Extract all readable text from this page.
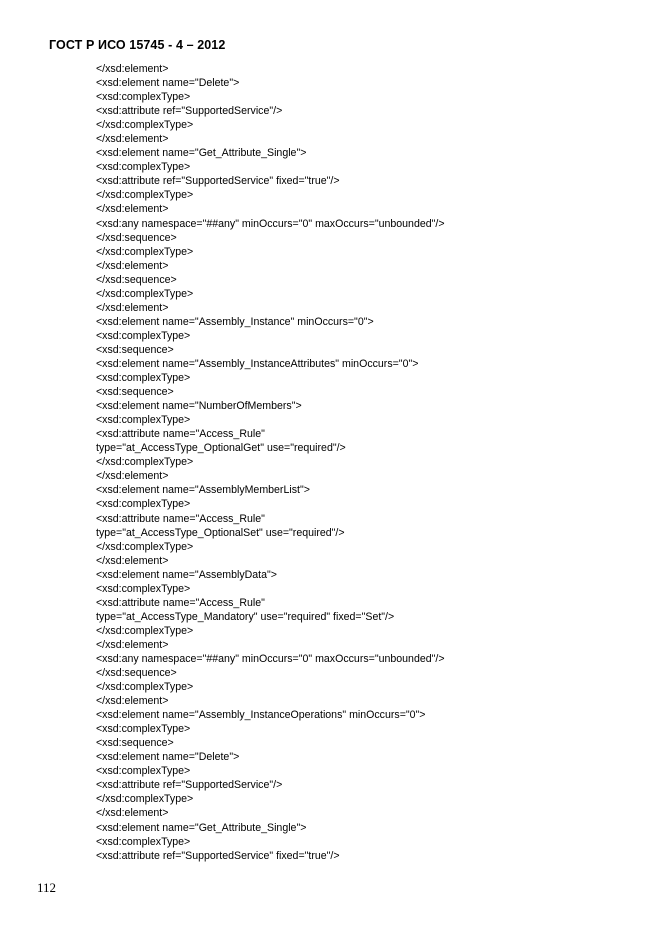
ГОСТ Р ИСО 15745 - 4 – 2012
</xsd:element>
<xsd:element name="Delete">
<xsd:complexType>
<xsd:attribute ref="SupportedService"/>
</xsd:complexType>
</xsd:element>
<xsd:element name="Get_Attribute_Single">
<xsd:complexType>
<xsd:attribute ref="SupportedService" fixed="true"/>
</xsd:complexType>
</xsd:element>
<xsd:any namespace="##any" minOccurs="0" maxOccurs="unbounded"/>
</xsd:sequence>
</xsd:complexType>
</xsd:element>
</xsd:sequence>
</xsd:complexType>
</xsd:element>
<xsd:element name="Assembly_Instance" minOccurs="0">
<xsd:complexType>
<xsd:sequence>
<xsd:element name="Assembly_InstanceAttributes" minOccurs="0">
<xsd:complexType>
<xsd:sequence>
<xsd:element name="NumberOfMembers">
<xsd:complexType>
<xsd:attribute name="Access_Rule"
type="at_AccessType_OptionalGet" use="required"/>
</xsd:complexType>
</xsd:element>
<xsd:element name="AssemblyMemberList">
<xsd:complexType>
<xsd:attribute name="Access_Rule"
type="at_AccessType_OptionalSet" use="required"/>
</xsd:complexType>
</xsd:element>
<xsd:element name="AssemblyData">
<xsd:complexType>
<xsd:attribute name="Access_Rule"
type="at_AccessType_Mandatory" use="required" fixed="Set"/>
</xsd:complexType>
</xsd:element>
<xsd:any namespace="##any" minOccurs="0" maxOccurs="unbounded"/>
</xsd:sequence>
</xsd:complexType>
</xsd:element>
<xsd:element name="Assembly_InstanceOperations" minOccurs="0">
<xsd:complexType>
<xsd:sequence>
<xsd:element name="Delete">
<xsd:complexType>
<xsd:attribute ref="SupportedService"/>
</xsd:complexType>
</xsd:element>
<xsd:element name="Get_Attribute_Single">
<xsd:complexType>
<xsd:attribute ref="SupportedService" fixed="true"/>
112
